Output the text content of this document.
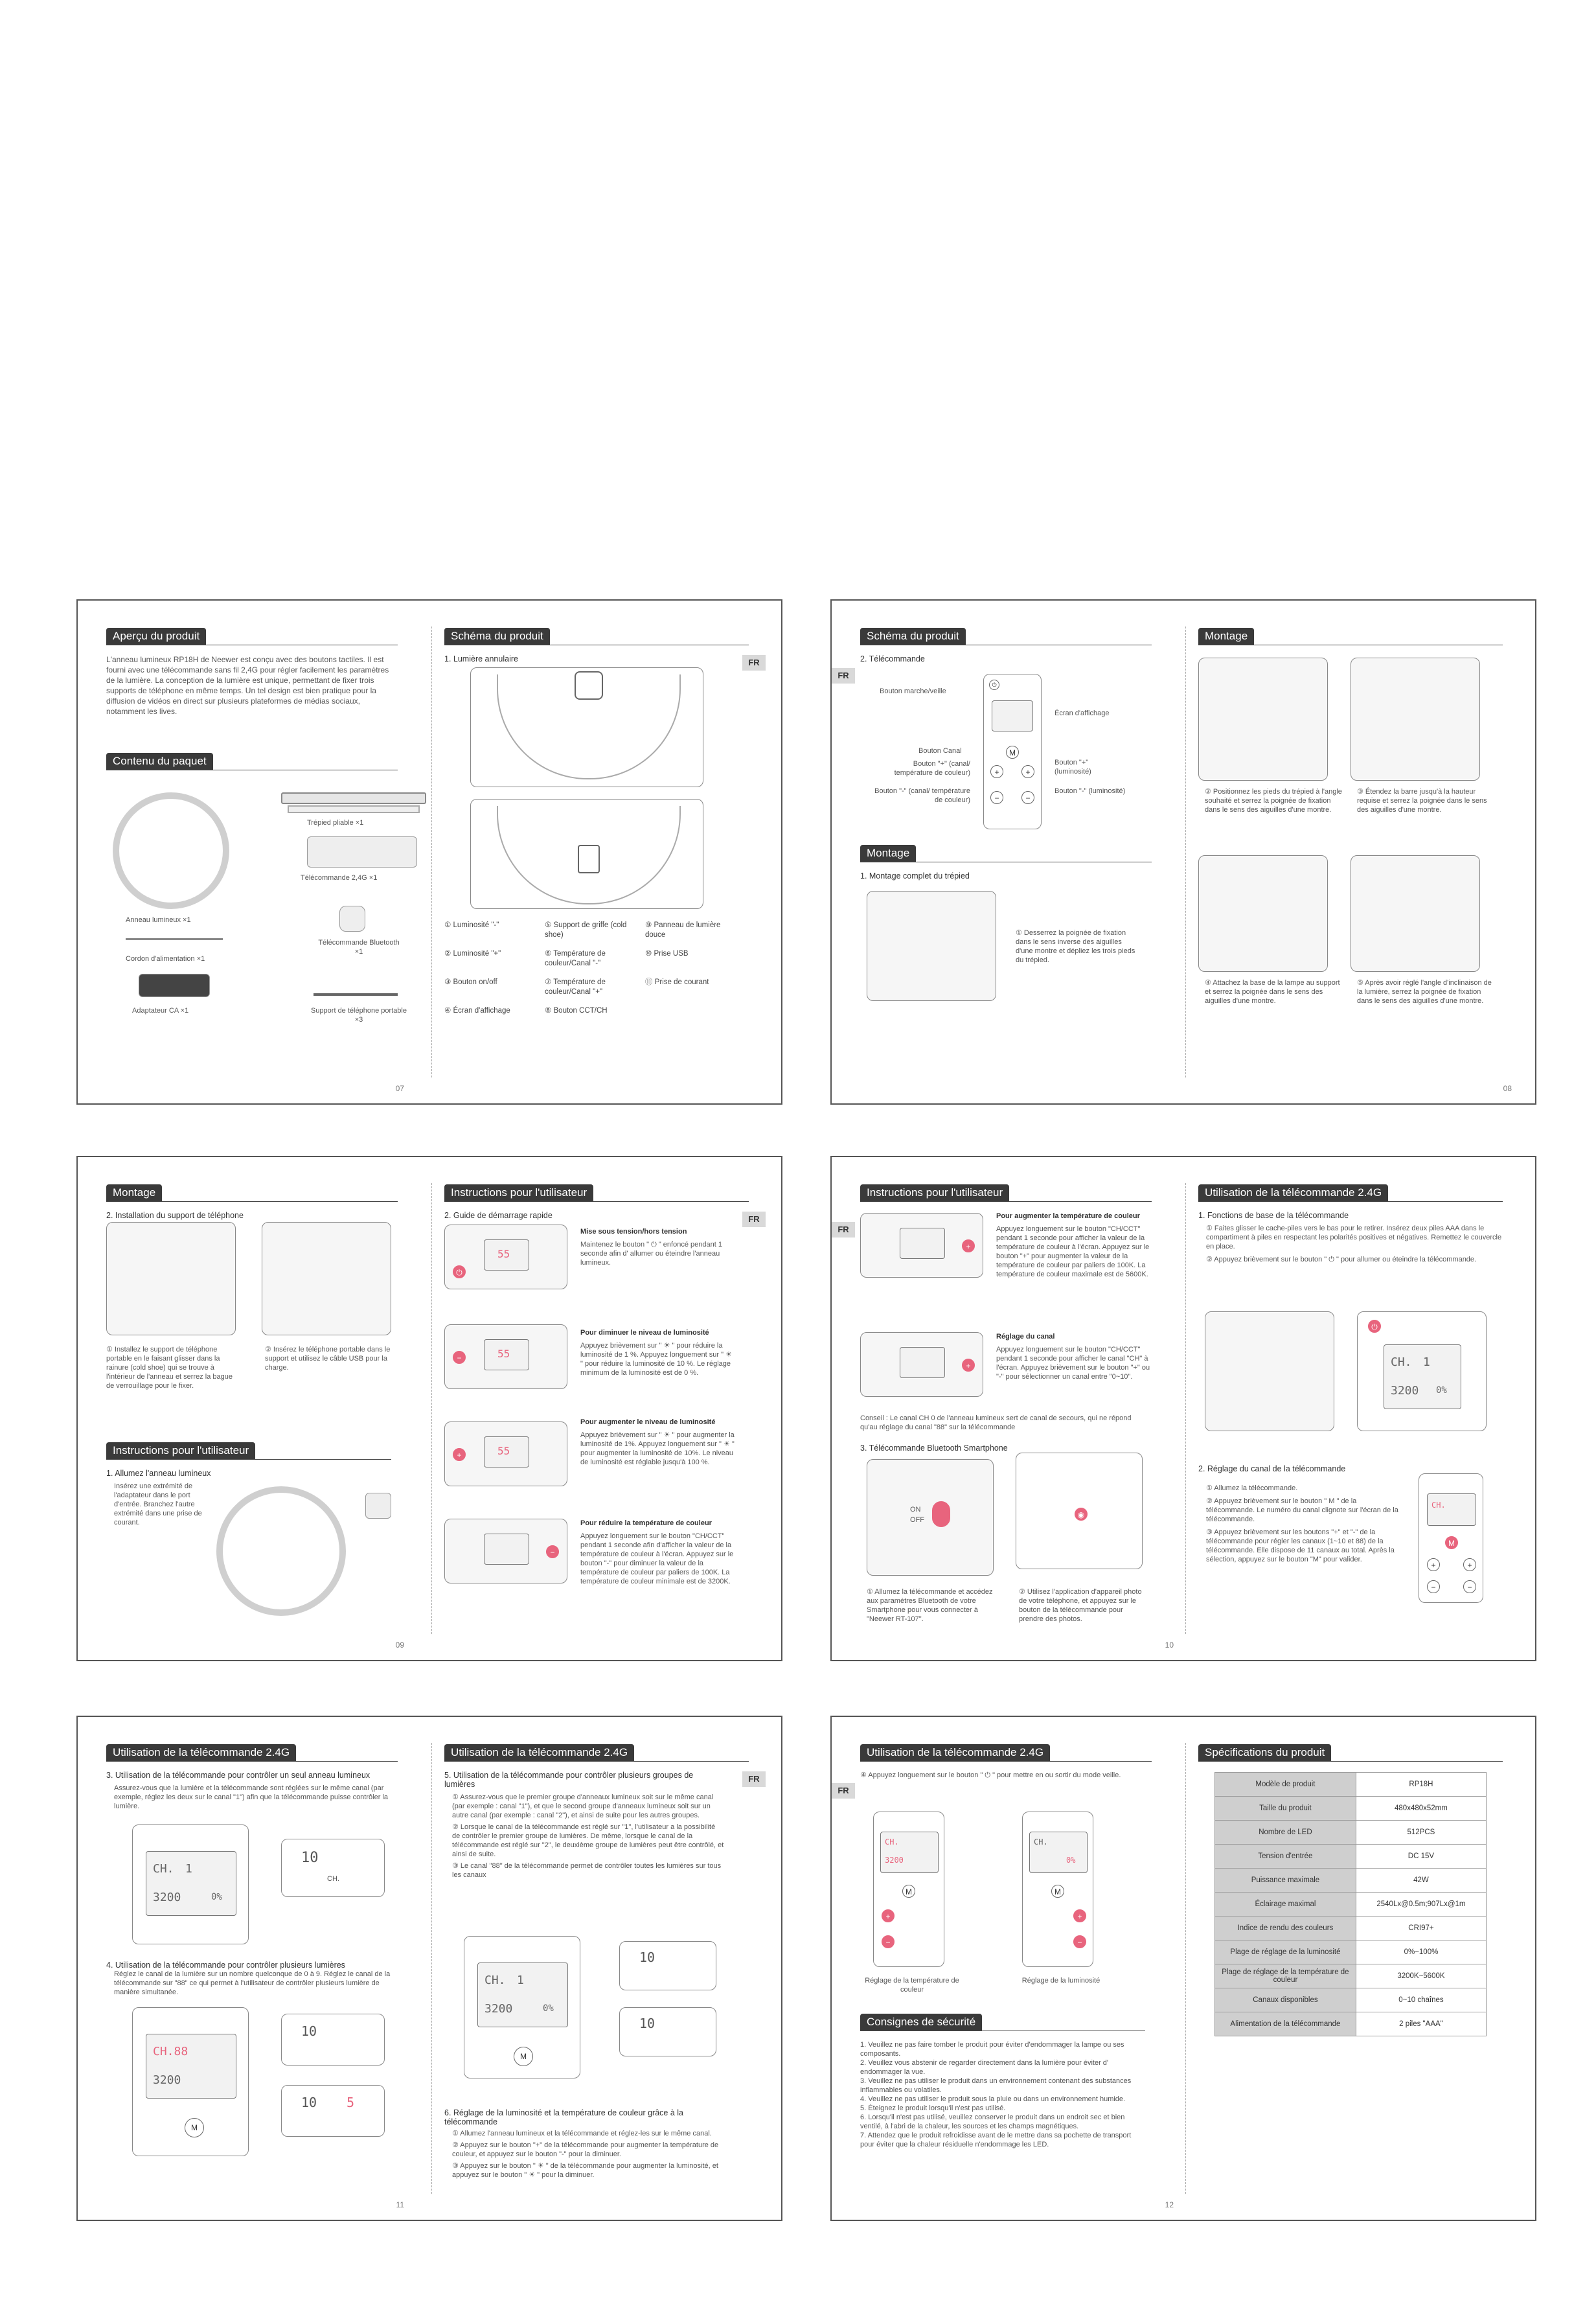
Aperçu du produit

L'anneau lumineux RP18H de Neewer est conçu avec des boutons tactiles. Il est fourni avec une télécommande sans fil 2,4G pour régler facilement les paramètres de la lumière. La conception de la lumière est unique, permettant de fixer trois supports de téléphone en même temps. Un tel design est bien pratique pour la diffusion de vidéos en direct sur plusieurs plateformes de médias sociaux, notamment les lives.

Contenu du paquet
Trépied pliable ×1
Télécommande 2,4G ×1
Anneau lumineux ×1
Cordon d'alimentation ×1
Télécommande Bluetooth ×1
Adaptateur CA ×1	Support de téléphone portable ×3
07
Schéma du produit
1. Lumière annulaire	FR
① Luminosité "-"	⑤ Support de griffe (cold shoe)
⑨ Panneau de lumière douce
② Luminosité "+"	⑥ Température de couleur/Canal "-"
⑩ Prise USB
③ Bouton on/off	⑦ Température de couleur/Canal "+"
⑪ Prise de courant
④ Écran d'affichage	⑧ Bouton CCT/CH
FR
Schéma du produit
2. Télécommande
⏻
M
+	+
−	−
Bouton marche/veille
Écran d'affichage
Bouton Canal
Bouton "+" (canal/ température de couleur)
Bouton "+" (luminosité)
Bouton "-" (canal/ température de couleur)
Bouton "-" (luminosité)
Montage
1. Montage complet du trépied
① Desserrez la poignée de fixation dans le sens inverse des aiguilles d'une montre et dépliez les trois pieds du trépied.
Montage
② Positionnez les pieds du trépied à l'angle souhaité et serrez la poignée de fixation dans le sens des aiguilles d'une montre.
③ Étendez la barre jusqu'à la hauteur requise et serrez la poignée dans le sens des aiguilles d'une montre.
④ Attachez la base de la lampe au support et serrez la poignée dans le sens des aiguilles d'une montre.
⑤ Après avoir réglé l'angle d'inclinaison de la lumière, serrez la poignée de fixation dans le sens des aiguilles d'une montre.
08
Montage
2. Installation du support de téléphone
① Installez le support de téléphone portable en le faisant glisser dans la rainure (cold shoe) qui se trouve à l'intérieur de l'anneau et serrez la bague de verrouillage pour le fixer.
② Insérez le téléphone portable dans le support et utilisez le câble USB pour la charge.
Instructions pour l'utilisateur
1. Allumez l'anneau lumineux
Insérez une extrémité de l'adaptateur dans le port d'entrée. Branchez l'autre extrémité dans une prise de courant.
09
Instructions pour l'utilisateur
2. Guide de démarrage rapide	FR
55
⏻
Mise sous tension/hors tension
Maintenez le bouton " ⏻ " enfoncé pendant 1 seconde afin d' allumer ou éteindre l'anneau lumineux.
55
−
Pour diminuer le niveau de luminosité
Appuyez brièvement sur " ☀ " pour réduire la luminosité de 1 %. Appuyez longuement sur " ☀ " pour réduire la luminosité de 10 %. Le réglage minimum de la luminosité est de 0 %.
55
+
Pour augmenter le niveau de luminosité
Appuyez brièvement sur " ☀ " pour augmenter la luminosité de 1%. Appuyez longuement sur " ☀ " pour augmenter la luminosité de 10%. Le niveau de luminosité est réglable jusqu'à 100 %.
−
Pour réduire la température de couleur
Appuyez longuement sur le bouton "CH/CCT" pendant 1 seconde afin d'afficher la valeur de la température de couleur à l'écran. Appuyez sur le bouton "-" pour diminuer la valeur de la température de couleur par paliers de 100K. La température de couleur minimale est de 3200K.
FR
Instructions pour l'utilisateur
+
Pour augmenter la température de couleur
Appuyez longuement sur le bouton "CH/CCT" pendant 1 seconde pour afficher la valeur de la température de couleur à l'écran. Appuyez sur le bouton "+" pour augmenter la valeur de la température de couleur par paliers de 100K. La température de couleur maximale est de 5600K.
+
Réglage du canal
Appuyez longuement sur le bouton "CH/CCT" pendant 1 seconde pour afficher le canal "CH" à l'écran. Appuyez brièvement sur le bouton "+" ou "-" pour sélectionner un canal entre "0~10".
Conseil : Le canal CH 0 de l'anneau lumineux sert de canal de secours, qui ne répond qu'au réglage du canal "88" sur la télécommande
3. Télécommande Bluetooth Smartphone
ON
OFF
◉
① Allumez la télécommande et accédez aux paramètres Bluetooth de votre Smartphone pour vous connecter à "Neewer RT-107".
② Utilisez l'application d'appareil photo de votre téléphone, et appuyez sur le bouton de la télécommande pour prendre des photos.
10
Utilisation de la télécommande 2.4G
1. Fonctions de base de la télécommande
① Faites glisser le cache-piles vers le bas pour le retirer. Insérez deux piles AAA dans le compartiment à piles en respectant les polarités positives et négatives. Remettez le couvercle en place.
② Appuyez brièvement sur le bouton " ⏻ " pour allumer ou éteindre la télécommande.
⏻
CH. 1
3200 0%
2. Réglage du canal de la télécommande
① Allumez la télécommande.
② Appuyez brièvement sur le bouton " M " de la télécommande. Le numéro du canal clignote sur l'écran de la télécommande.
③ Appuyez brièvement sur les boutons "+" et "-" de la télécommande pour régler les canaux (1~10 et 88) de la télécommande. Elle dispose de 11 canaux au total. Après la sélection, appuyez sur le bouton "M" pour valider.
CH.
M
+	+
−	−
Utilisation de la télécommande 2.4G
3. Utilisation de la télécommande pour contrôler un seul anneau lumineux
Assurez-vous que la lumière et la télécommande sont réglées sur le même canal (par exemple, réglez les deux sur le canal "1") afin que la télécommande puisse contrôler la lumière.
CH. 1
3200	0%
10
CH.
4. Utilisation de la télécommande pour contrôler plusieurs lumières
Réglez le canal de la lumière sur un nombre quelconque de 0 à 9. Réglez le canal de la télécommande sur "88" ce qui permet à l'utilisateur de contrôler plusieurs lumière de manière simultanée.
CH.88
3200
M
10
10 5
11
Utilisation de la télécommande 2.4G
FR
5. Utilisation de la télécommande pour contrôler plusieurs groupes de lumières
① Assurez-vous que le premier groupe d'anneaux lumineux soit sur le même canal (par exemple : canal "1"), et que le second groupe d'anneaux lumineux soit sur un autre canal (par exemple : canal "2"), et ainsi de suite pour les autres groupes.
② Lorsque le canal de la télécommande est réglé sur "1", l'utilisateur a la possibilité de contrôler le premier groupe de lumières. De même, lorsque le canal de la télécommande est réglé sur "2", le deuxième groupe de lumières peut être contrôlé, et ainsi de suite.
③ Le canal "88" de la télécommande permet de contrôler toutes les lumières sur tous les canaux
CH. 1
3200	0%
M
10
10
6. Réglage de la luminosité et la température de couleur grâce à la télécommande
① Allumez l'anneau lumineux et la télécommande et réglez-les sur le même canal.
② Appuyez sur le bouton "+" de la télécommande pour augmenter la température de couleur, et appuyez sur le bouton "-" pour la diminuer.
③ Appuyez sur le bouton " ☀ " de la télécommande pour augmenter la luminosité, et appuyez sur le bouton " ☀ " pour la diminuer.
FR
Utilisation de la télécommande 2.4G
④ Appuyez longuement sur le bouton " ⏻ " pour mettre en ou sortir du mode veille.
CH.
3200
M
+
−
CH.
0%
M
+
−
Réglage de la température de couleur
Réglage de la luminosité
Consignes de sécurité
1. Veuillez ne pas faire tomber le produit pour éviter d'endommager la lampe ou ses composants.
2. Veuillez vous abstenir de regarder directement dans la lumière pour éviter d' endommager la vue.
3. Veuillez ne pas utiliser le produit dans un environnement contenant des substances inflammables ou volatiles.
4. Veuillez ne pas utiliser le produit sous la pluie ou dans un environnement humide.
5. Éteignez le produit lorsqu'il n'est pas utilisé.
6. Lorsqu'il n'est pas utilisé, veuillez conserver le produit dans un endroit sec et bien ventilé, à l'abri de la chaleur, les sources et les champs magnétiques.
7. Attendez que le produit refroidisse avant de le mettre dans sa pochette de transport pour éviter que la chaleur résiduelle n'endommage les LED.
12
Spécifications du produit
Modèle de produit	RP18H
Taille du produit	480x480x52mm
Nombre de LED	512PCS
Tension d'entrée	DC 15V
Puissance maximale	42W
Éclairage maximal	2540Lx@0.5m;907Lx@1m
Indice de rendu des couleurs	CRI97+
Plage de réglage de la luminosité	0%~100%
Plage de réglage de la température de couleur	3200K~5600K
Canaux disponibles	0~10 chaînes
Alimentation de la télécommande	2 piles "AAA"
